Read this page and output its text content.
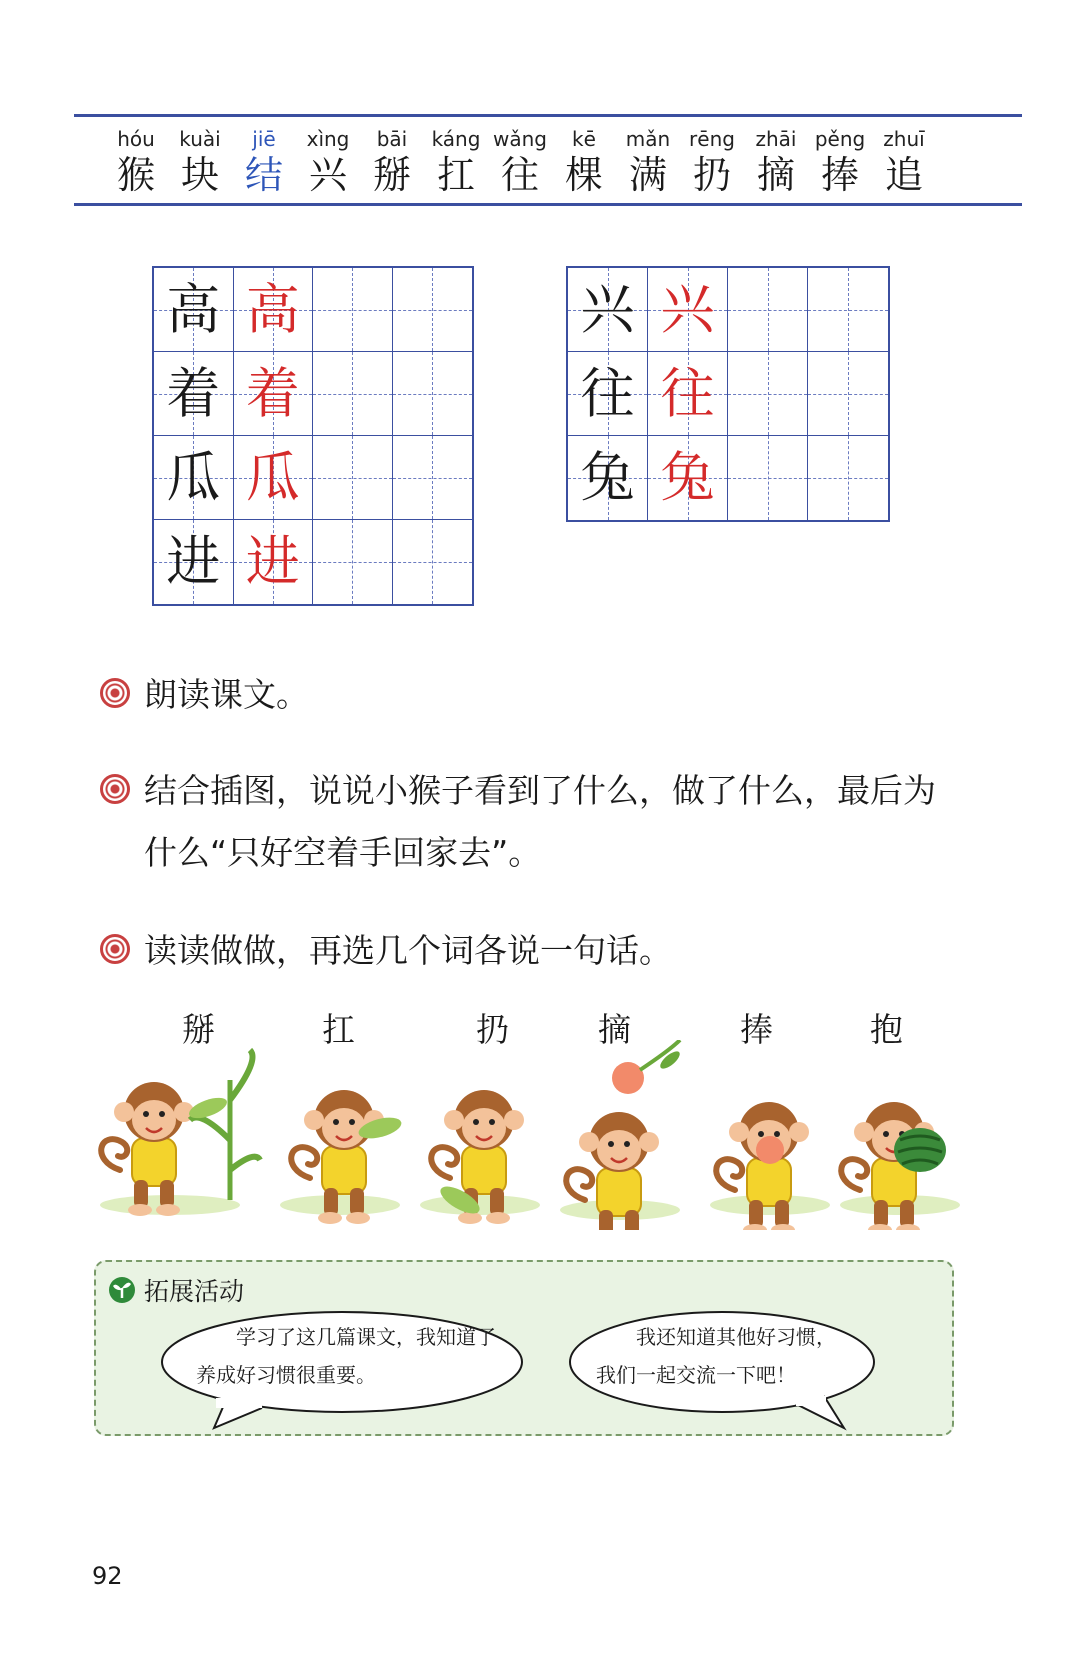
hóu
猴
kuài
块
jiē
结
xìng
兴
bāi
掰
káng
扛
wǎng
往
kē
棵
mǎn
满
rēng
扔
zhāi
摘
pěng
捧
zhuī
追
高 高
着 着
瓜 瓜
进 进
兴 兴
往 往
兔 兔
朗读课文。
结合插图，说说小猴子看到了什么，做了什么，最后为
什么“只好空着手回家去”。
读读做做，再选几个词各说一句话。
掰	扛	扔	摘	捧	抱
拓展活动
学习了这几篇课文，我知道了
养成好习惯很重要。
我还知道其他好习惯，
我们一起交流一下吧！
92
